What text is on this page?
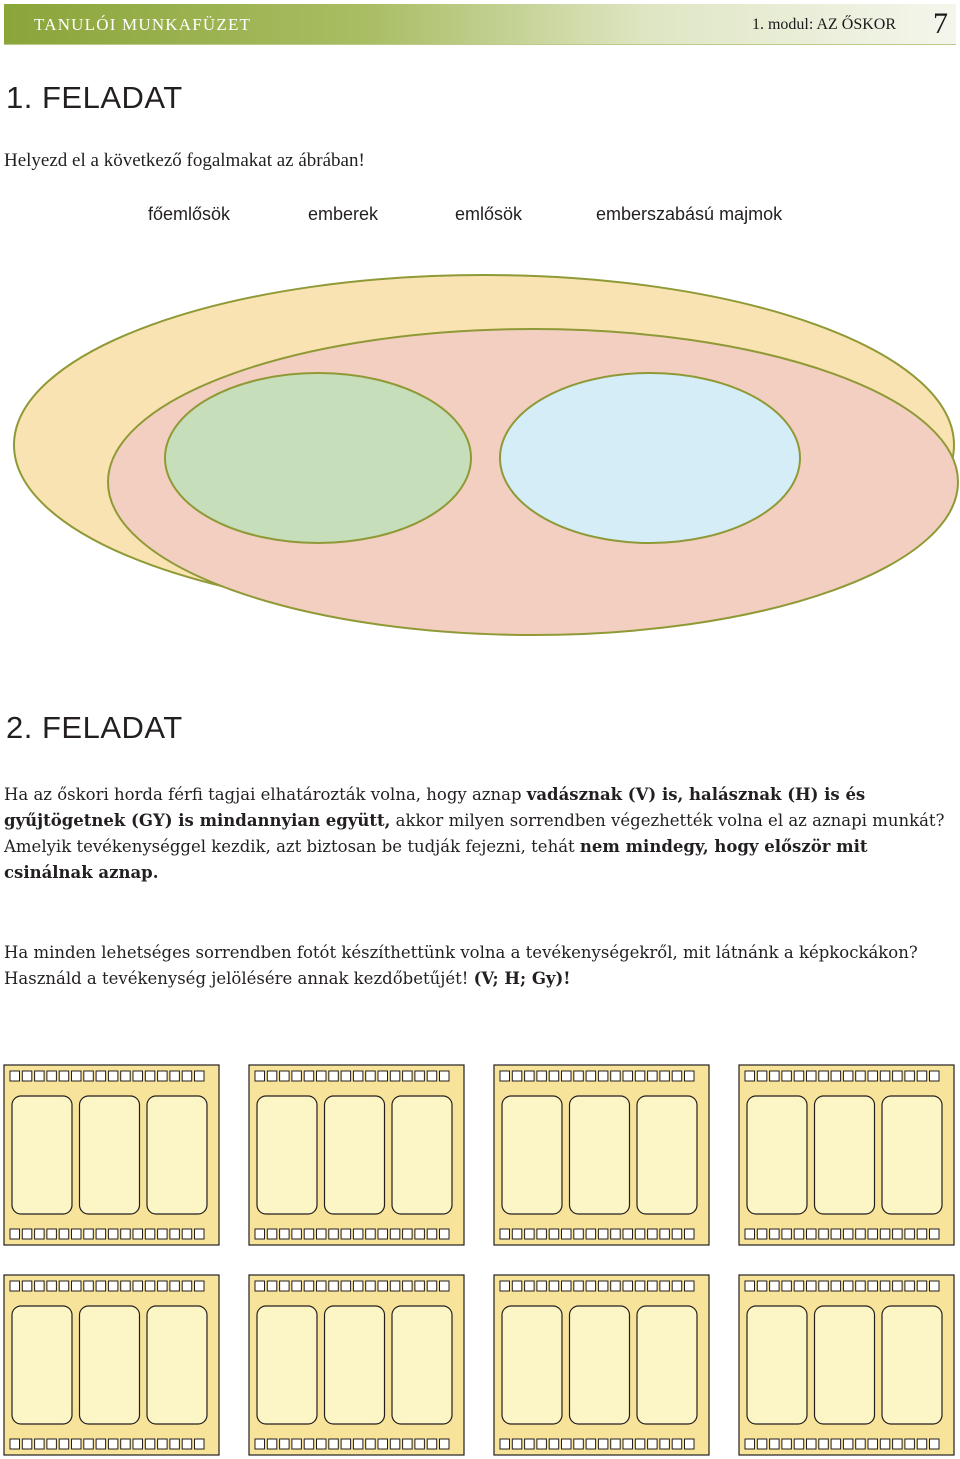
TANULÓI MUNKAFÜZET	1. modul: AZ ŐSKOR 7
1. FELADAT

Helyezd el a következő fogalmakat az ábrában!

főemlősök	emberek	emlősök	emberszabású majmok
2. FELADAT

Ha az őskori horda férfi tagjai elhatározták volna, hogy aznap vadásznak (V) is, halásznak (H) is és gyűjtögetnek (GY) is mindannyian együtt, akkor milyen sorrendben végezhették volna el az aznapi munkát?

Amelyik tevékenységgel kezdik, azt biztosan be tudják fejezni, tehát nem mindegy, hogy először mit csinálnak aznap.

Ha minden lehetséges sorrendben fotót készíthettünk volna a tevékenységekről, mit látnánk a képkockákon?

Használd a tevékenység jelölésére annak kezdőbetűjét! (V; H; Gy)!
